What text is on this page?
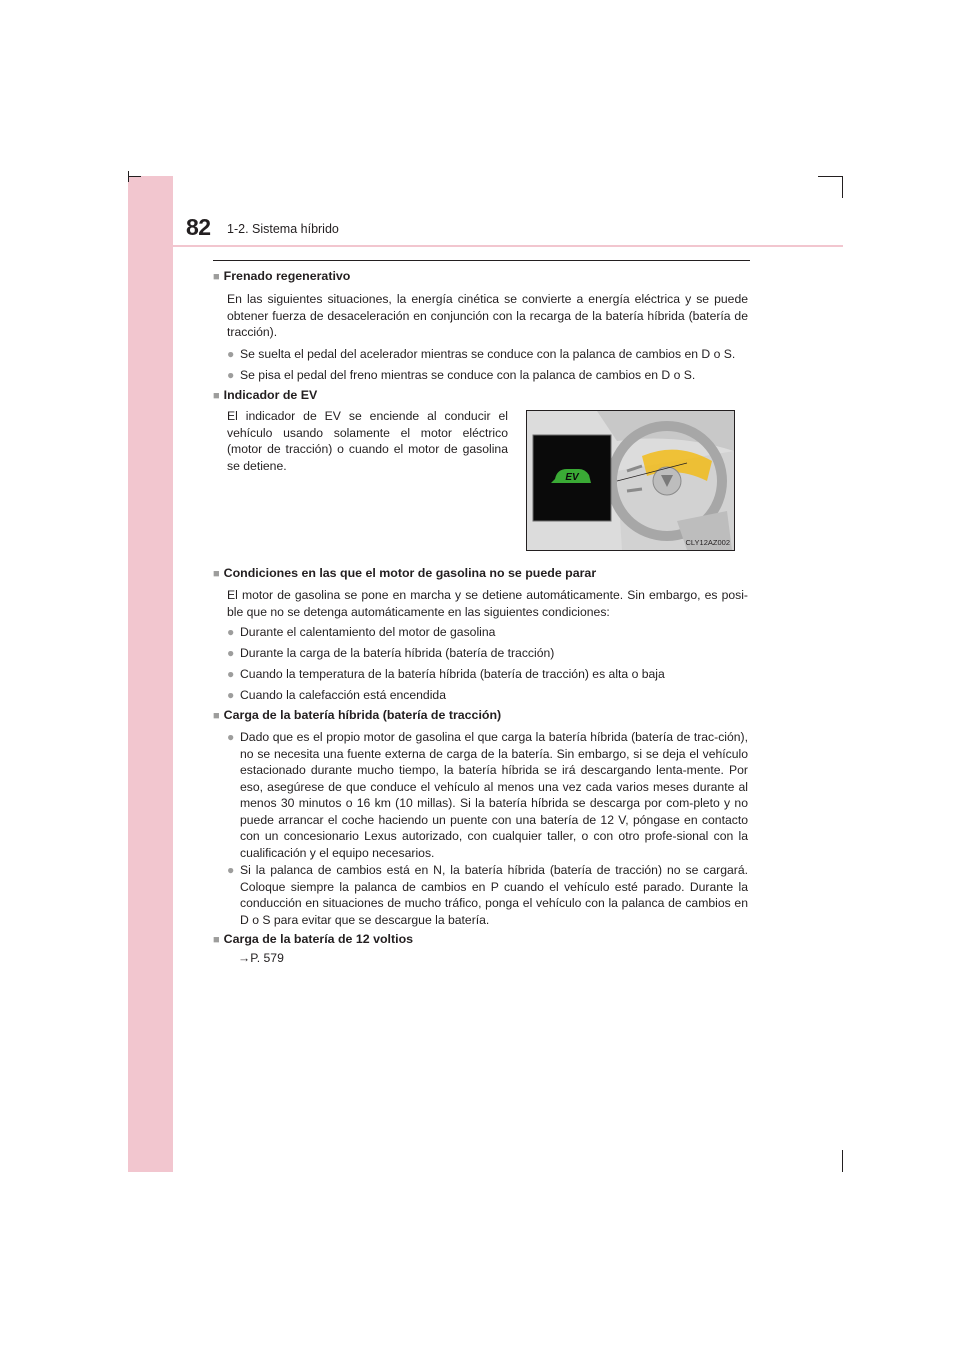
82 1-2. Sistema híbrido
■ Frenado regenerativo
En las siguientes situaciones, la energía cinética se convierte a energía eléctrica y se puede obtener fuerza de desaceleración en conjunción con la recarga de la batería híbrida (batería de tracción).
● Se suelta el pedal del acelerador mientras se conduce con la palanca de cambios en D o S.
● Se pisa el pedal del freno mientras se conduce con la palanca de cambios en D o S.
■ Indicador de EV
El indicador de EV se enciende al conducir el vehículo usando solamente el motor eléctrico (motor de tracción) o cuando el motor de gasolina se detiene.
EV
CLY12AZ002
■ Condiciones en las que el motor de gasolina no se puede parar
El motor de gasolina se pone en marcha y se detiene automáticamente. Sin embargo, es posi-ble que no se detenga automáticamente en las siguientes condiciones:
● Durante el calentamiento del motor de gasolina
● Durante la carga de la batería híbrida (batería de tracción)
● Cuando la temperatura de la batería híbrida (batería de tracción) es alta o baja
● Cuando la calefacción está encendida
■ Carga de la batería híbrida (batería de tracción)
● Dado que es el propio motor de gasolina el que carga la batería híbrida (batería de trac-ción), no se necesita una fuente externa de carga de la batería. Sin embargo, si se deja el vehículo estacionado durante mucho tiempo, la batería híbrida se irá descargando lenta-mente. Por eso, asegúrese de que conduce el vehículo al menos una vez cada varios meses durante al menos 30 minutos o 16 km (10 millas). Si la batería híbrida se descarga por com-pleto y no puede arrancar el coche haciendo un puente con una batería de 12 V, póngase en contacto con un concesionario Lexus autorizado, con cualquier taller, o con otro profe-sional con la cualificación y el equipo necesarios.
● Si la palanca de cambios está en N, la batería híbrida (batería de tracción) no se cargará. Coloque siempre la palanca de cambios en P cuando el vehículo esté parado. Durante la conducción en situaciones de mucho tráfico, ponga el vehículo con la palanca de cambios en D o S para evitar que se descargue la batería.
■ Carga de la batería de 12 voltios
→P. 579
